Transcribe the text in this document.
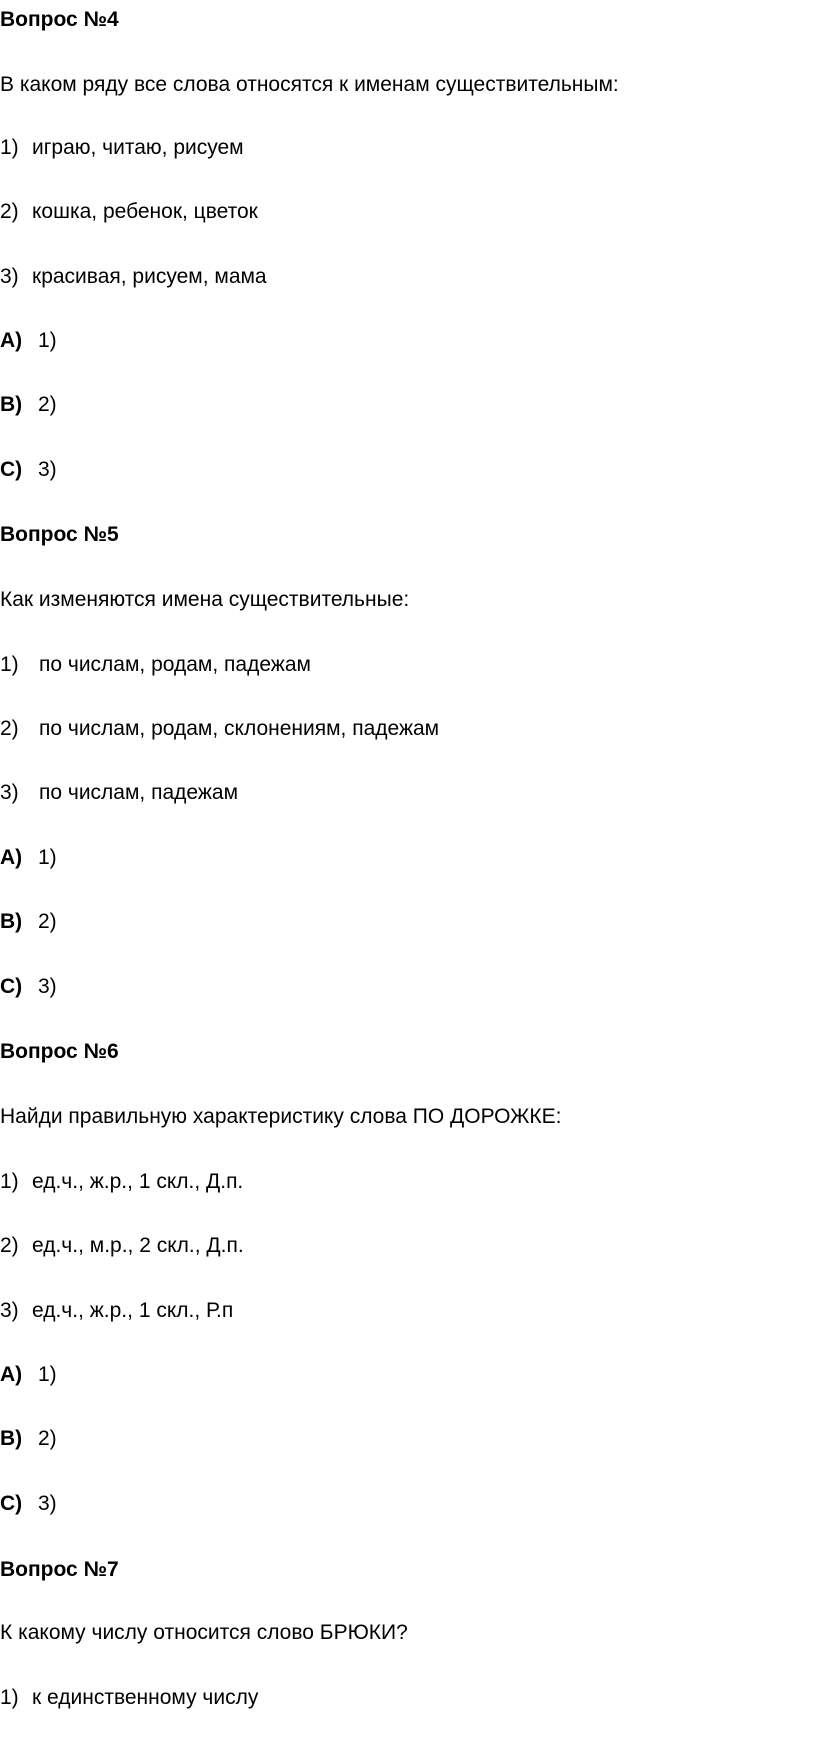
Вопрос №4
В каком ряду все слова относятся к именам существительным:
1) играю, читаю, рисуем
2) кошка, ребенок, цветок
3) красивая, рисуем, мама
A) 1)
B) 2)
C) 3)
Вопрос №5
Как изменяются имена существительные:
1) по числам, родам, падежам
2) по числам, родам, склонениям, падежам
3) по числам, падежам
A) 1)
B) 2)
C) 3)
Вопрос №6
Найди правильную характеристику слова ПО ДОРОЖКЕ:
1) ед.ч., ж.р., 1 скл., Д.п.
2) ед.ч., м.р., 2 скл., Д.п.
3) ед.ч., ж.р., 1 скл., Р.п
A) 1)
B) 2)
C) 3)
Вопрос №7
К какому числу относится слово БРЮКИ?
1) к единственному числу
